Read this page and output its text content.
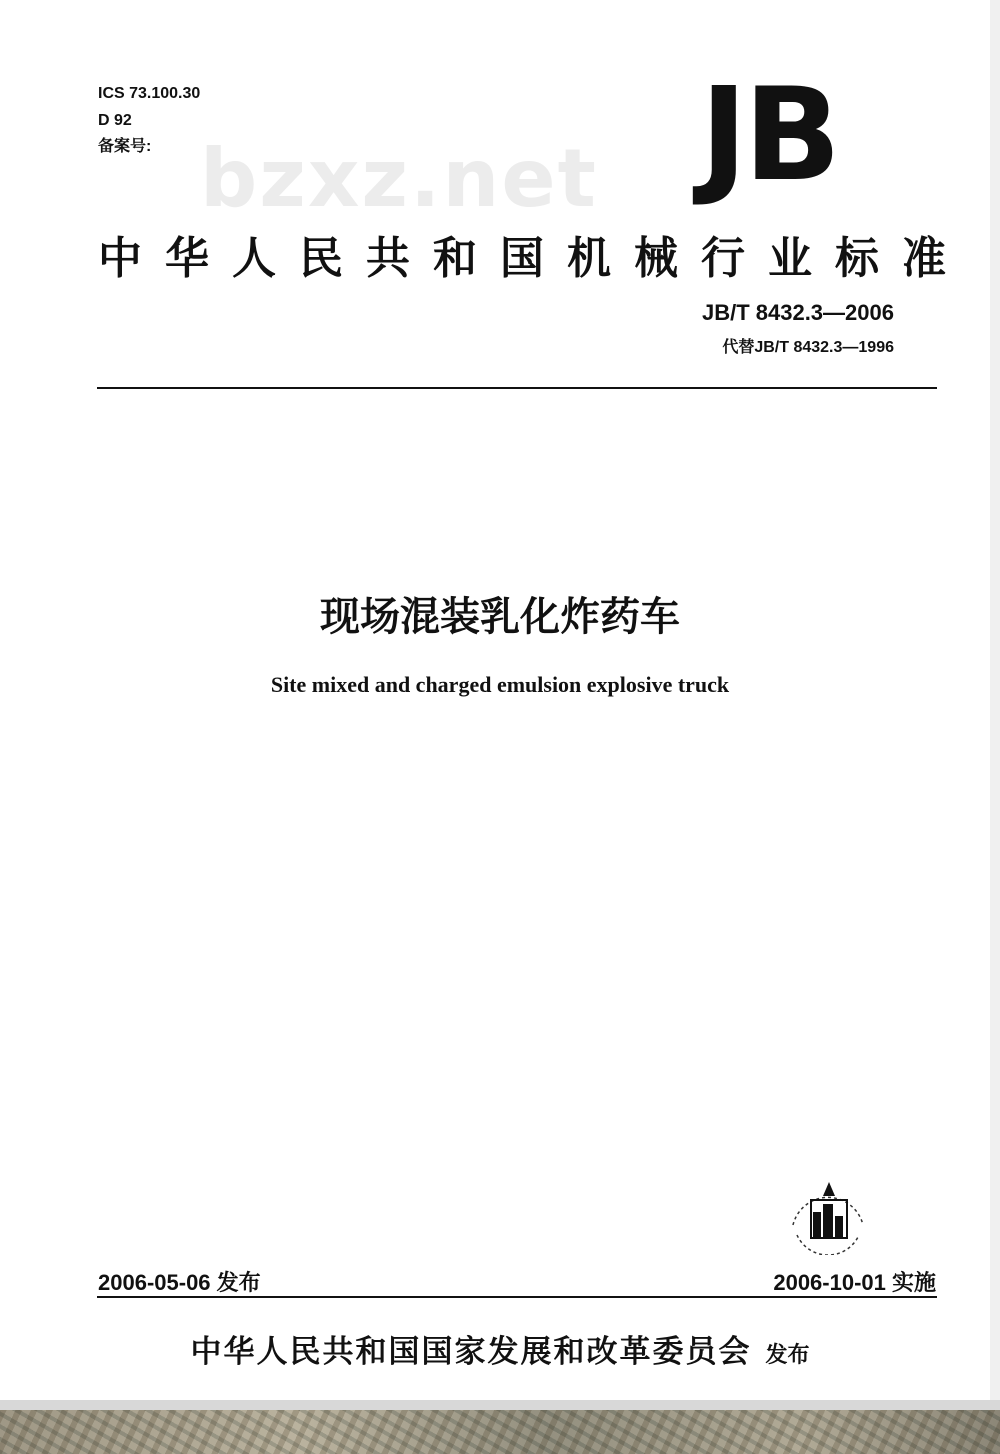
ICS 73.100.30
D 92
备案号: bzxz.net JB
中华人民共和国机械行业标准
JB/T 8432.3—2006
代替JB/T 8432.3—1996
现场混装乳化炸药车
Site mixed and charged emulsion explosive truck
2006-05-06 发布	2006-10-01 实施
中华人民共和国国家发展和改革委员会 发布
